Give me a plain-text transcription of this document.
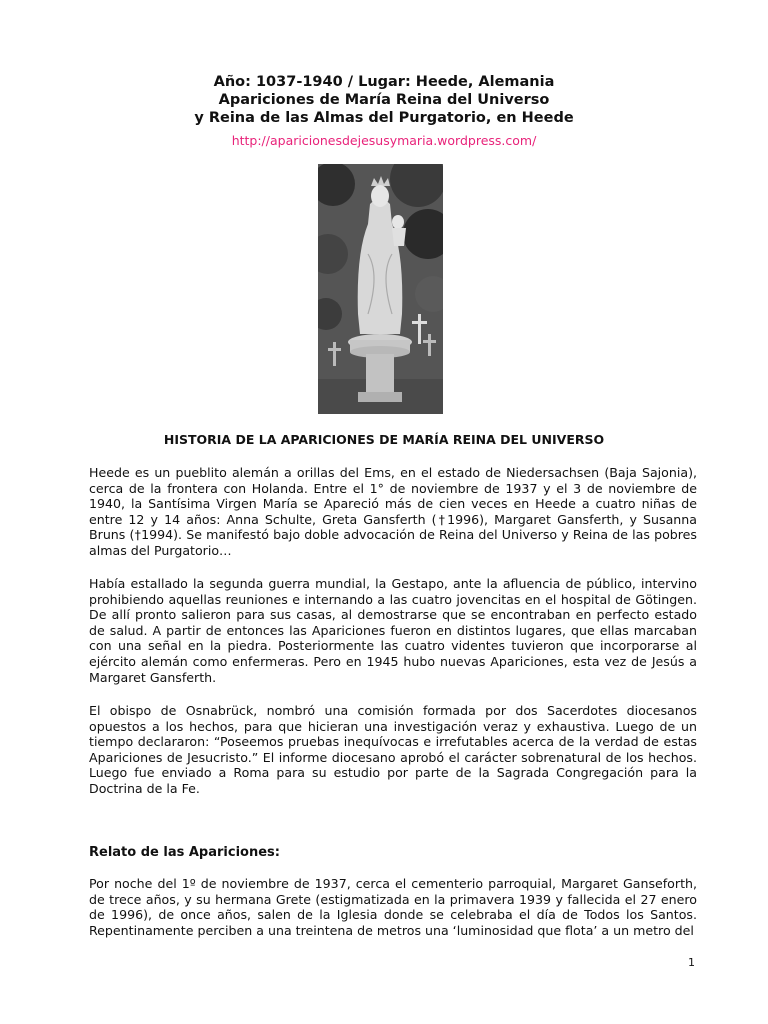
Año: 1037-1940 / Lugar: Heede, Alemania
Apariciones de María Reina del Universo
y Reina de las Almas del Purgatorio, en Heede
http://aparicionesdejesusymaria.wordpress.com/
HISTORIA DE LA APARICIONES DE MARÍA REINA DEL UNIVERSO
Heede es un pueblito alemán a orillas del Ems, en el estado de Niedersachsen (Baja Sajonia), cerca de la frontera con Holanda. Entre el 1° de noviembre de 1937 y el 3 de noviembre de 1940, la Santísima Virgen María se Apareció más de cien veces en Heede a cuatro niñas de entre 12 y 14 años: Anna Schulte, Greta Gansferth (†1996), Margaret Gansferth, y Susanna Bruns (†1994). Se manifestó bajo doble advocación de Reina del Universo y Reina de las pobres almas del Purgatorio…
Había estallado la segunda guerra mundial, la Gestapo, ante la afluencia de público, intervino prohibiendo aquellas reuniones e internando a las cuatro jovencitas en el hospital de Götingen. De allí pronto salieron para sus casas, al demostrarse que se encontraban en perfecto estado de salud. A partir de entonces las Apariciones fueron en distintos lugares, que ellas marcaban con una señal en la piedra. Posteriormente las cuatro videntes tuvieron que incorporarse al ejército alemán como enfermeras. Pero en 1945 hubo nuevas Apariciones, esta vez de Jesús a Margaret Gansferth.
El obispo de Osnabrück, nombró una comisión formada por dos Sacerdotes diocesanos opuestos a los hechos, para que hicieran una investigación veraz y exhaustiva. Luego de un tiempo declararon: “Poseemos pruebas inequívocas e irrefutables acerca de la verdad de estas Apariciones de Jesucristo.” El informe diocesano aprobó el carácter sobrenatural de los hechos. Luego fue enviado a Roma para su estudio por parte de la Sagrada Congregación para la Doctrina de la Fe.
Relato de las Apariciones:
Por noche del 1º de noviembre de 1937, cerca el cementerio parroquial, Margaret Ganseforth, de trece años, y su hermana Grete (estigmatizada en la primavera 1939 y fallecida el 27 enero de 1996), de once años, salen de la Iglesia donde se celebraba el día de Todos los Santos. Repentinamente perciben a una treintena de metros una ‘luminosidad que flota’ a un metro del
1
